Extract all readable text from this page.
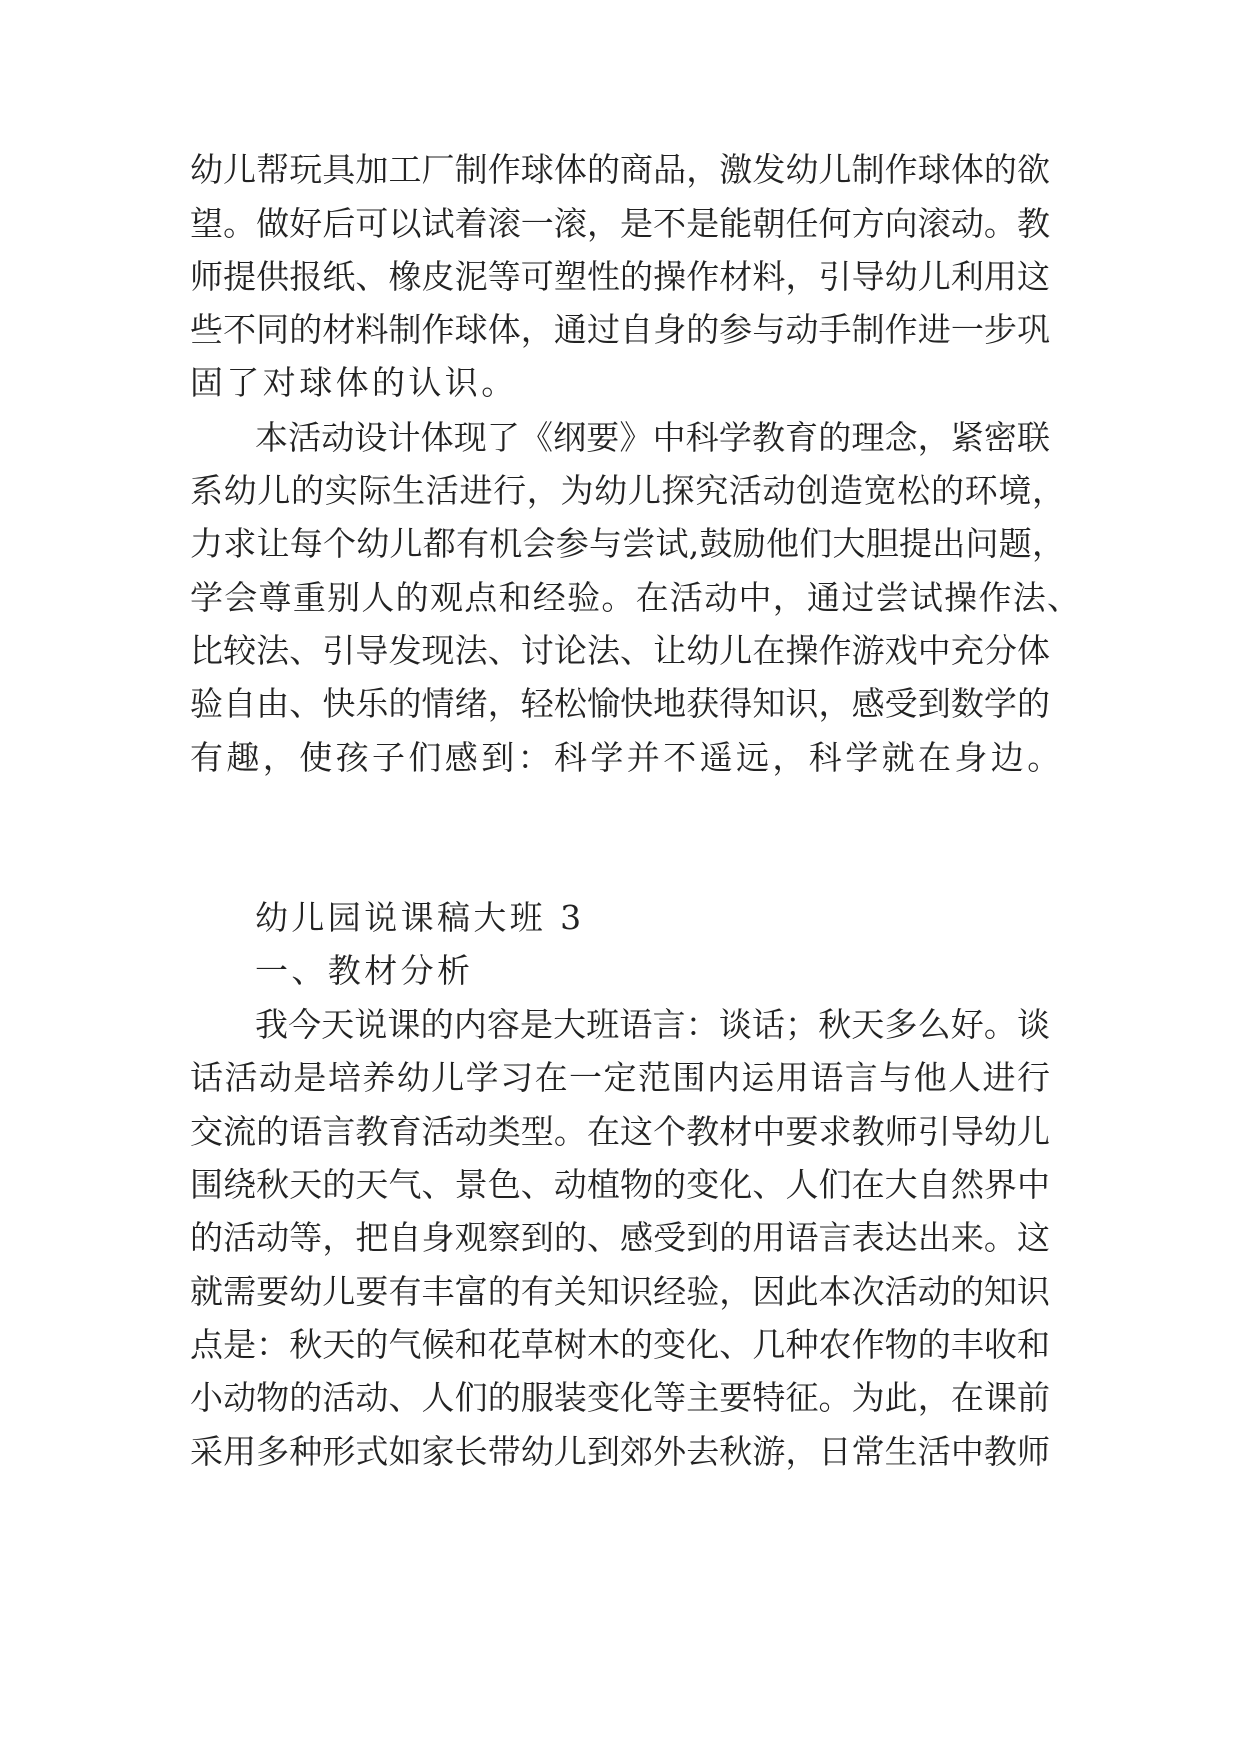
幼儿帮玩具加工厂制作球体的商品，激发幼儿制作球体的欲
望。做好后可以试着滚一滚，是不是能朝任何方向滚动。教
师提供报纸、橡皮泥等可塑性的操作材料，引导幼儿利用这
些不同的材料制作球体，通过自身的参与动手制作进一步巩
固了对球体的认识。
本活动设计体现了《纲要》中科学教育的理念，紧密联
系幼儿的实际生活进行，为幼儿探究活动创造宽松的环境，
力求让每个幼儿都有机会参与尝试,鼓励他们大胆提出问题，
学会尊重别人的观点和经验。在活动中，通过尝试操作法、
比较法、引导发现法、讨论法、让幼儿在操作游戏中充分体
验自由、快乐的情绪，轻松愉快地获得知识，感受到数学的
有趣，使孩子们感到：科学并不遥远，科学就在身边。
幼儿园说课稿大班 3
一、教材分析
我今天说课的内容是大班语言：谈话；秋天多么好。谈
话活动是培养幼儿学习在一定范围内运用语言与他人进行
交流的语言教育活动类型。在这个教材中要求教师引导幼儿
围绕秋天的天气、景色、动植物的变化、人们在大自然界中
的活动等，把自身观察到的、感受到的用语言表达出来。这
就需要幼儿要有丰富的有关知识经验，因此本次活动的知识
点是：秋天的气候和花草树木的变化、几种农作物的丰收和
小动物的活动、人们的服装变化等主要特征。为此，在课前
采用多种形式如家长带幼儿到郊外去秋游，日常生活中教师
